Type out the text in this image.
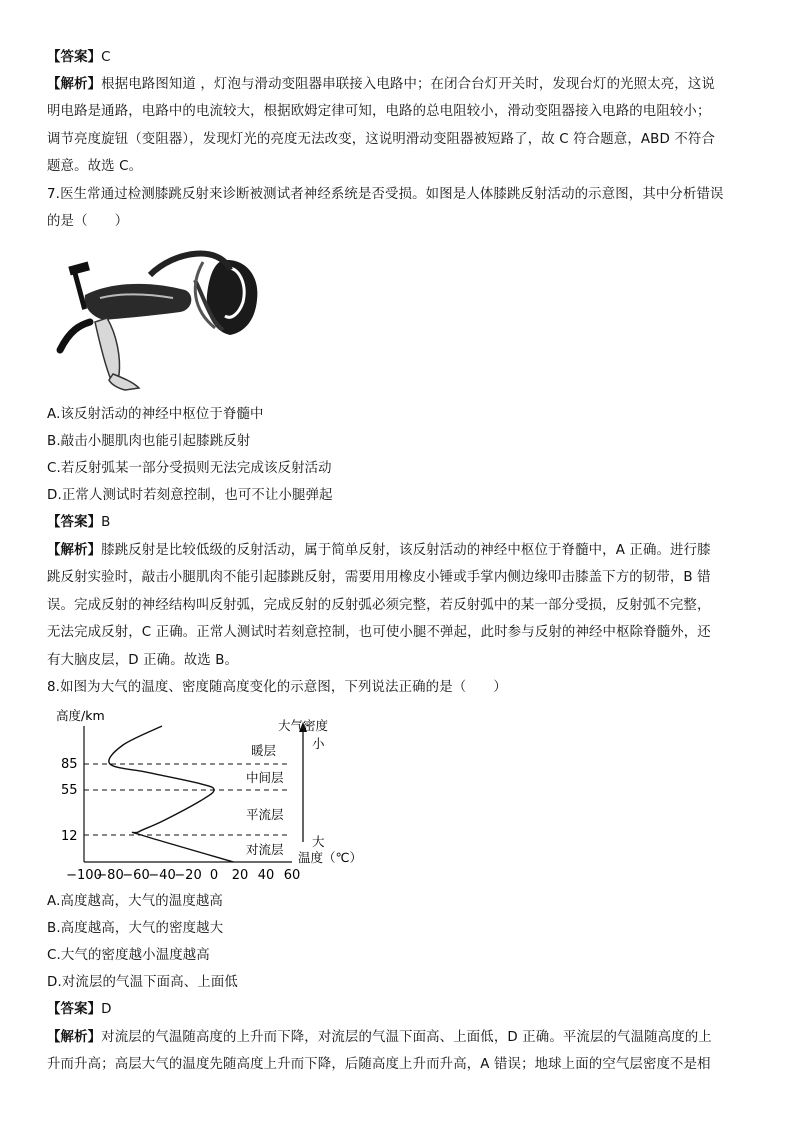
【答案】C
【解析】根据电路图知道 ，灯泡与滑动变阻器串联接入电路中；在闭合台灯开关时，发现台灯的光照太亮，这说
明电路是通路，电路中的电流较大，根据欧姆定律可知，电路的总电阻较小，滑动变阻器接入电路的电阻较小；
调节亮度旋钮（变阻器），发现灯光的亮度无法改变，这说明滑动变阻器被短路了，故 C 符合题意，ABD 不符合
题意。故选 C。
7.医生常通过检测膝跳反射来诊断被测试者神经系统是否受损。如图是人体膝跳反射活动的示意图，其中分析错误
的是（　　）
A.该反射活动的神经中枢位于脊髓中
B.敲击小腿肌肉也能引起膝跳反射
C.若反射弧某一部分受损则无法完成该反射活动
D.正常人测试时若刻意控制，也可不让小腿弹起
【答案】B
【解析】膝跳反射是比较低级的反射活动，属于简单反射，该反射活动的神经中枢位于脊髓中，A 正确。进行膝
跳反射实验时，敲击小腿肌肉不能引起膝跳反射，需要用用橡皮小锤或手掌内侧边缘叩击膝盖下方的韧带，B 错
误。完成反射的神经结构叫反射弧，完成反射的反射弧必须完整，若反射弧中的某一部分受损，反射弧不完整，
无法完成反射，C 正确。正常人测试时若刻意控制，也可使小腿不弹起，此时参与反射的神经中枢除脊髓外，还
有大脑皮层，D 正确。故选 B。
8.如图为大气的温度、密度随高度变化的示意图，下列说法正确的是（　　）
高度/km
85
55
12
暖层
中间层
平流层
对流层
大气密度
小
大
温度（℃）
−100
−80
−60
−40
−20 0 20 40 60
A.高度越高，大气的温度越高
B.高度越高，大气的密度越大
C.大气的密度越小温度越高
D.对流层的气温下面高、上面低
【答案】D
【解析】对流层的气温随高度的上升而下降，对流层的气温下面高、上面低，D 正确。平流层的气温随高度的上
升而升高；高层大气的温度先随高度上升而下降，后随高度上升而升高，A 错误；地球上面的空气层密度不是相
